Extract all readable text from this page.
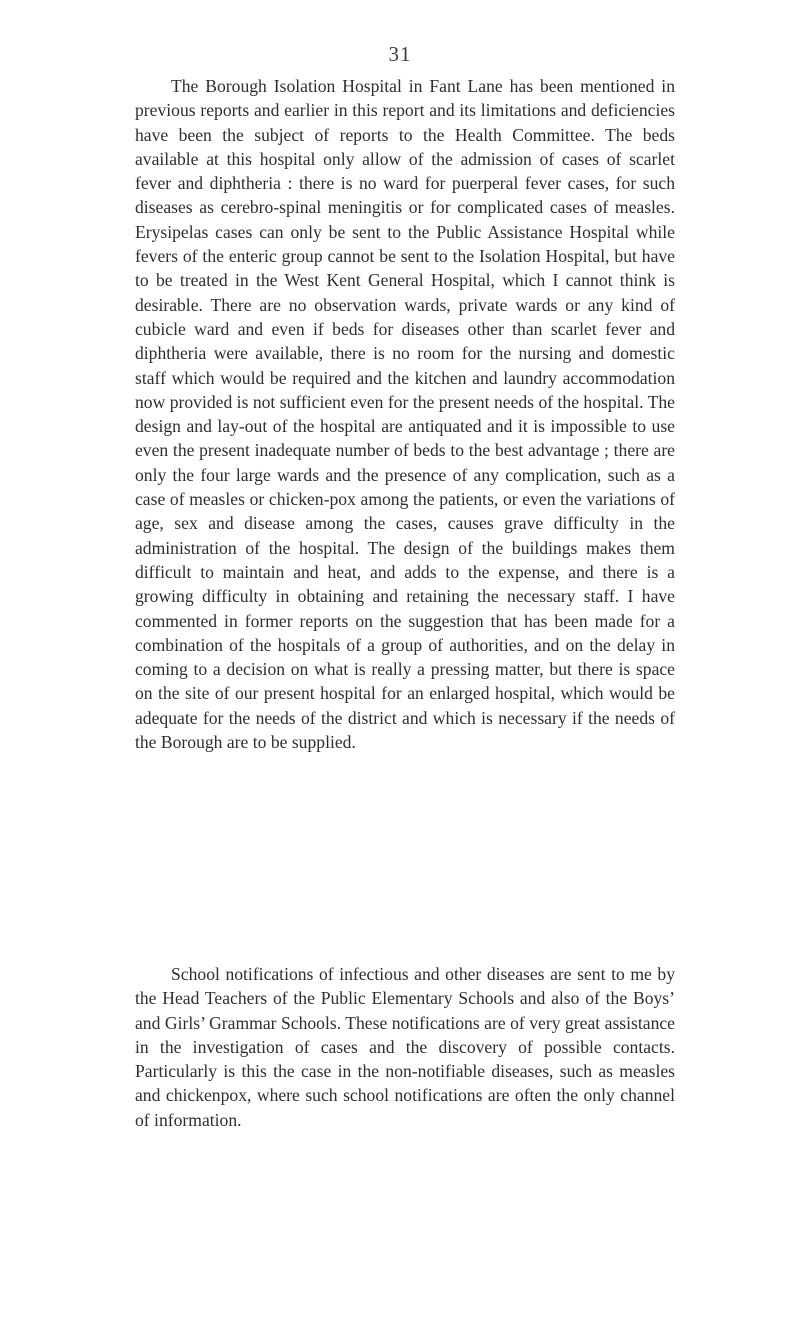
31

The Borough Isolation Hospital in Fant Lane has been mentioned in previous reports and earlier in this report and its limitations and deficiencies have been the subject of reports to the Health Committee. The beds available at this hospital only allow of the admission of cases of scarlet fever and diphtheria : there is no ward for puerperal fever cases, for such diseases as cerebro-spinal meningitis or for complicated cases of measles. Erysipelas cases can only be sent to the Public Assistance Hospital while fevers of the enteric group cannot be sent to the Isolation Hospital, but have to be treated in the West Kent General Hospital, which I cannot think is desirable. There are no observation wards, private wards or any kind of cubicle ward and even if beds for diseases other than scarlet fever and diphtheria were available, there is no room for the nursing and domestic staff which would be required and the kitchen and laundry accommodation now provided is not sufficient even for the present needs of the hospital. The design and lay-out of the hospital are antiquated and it is impossible to use even the present inadequate number of beds to the best advantage ; there are only the four large wards and the presence of any complication, such as a case of measles or chicken-pox among the patients, or even the variations of age, sex and disease among the cases, causes grave difficulty in the administration of the hospital. The design of the buildings makes them difficult to maintain and heat, and adds to the expense, and there is a growing difficulty in obtaining and retaining the necessary staff. I have commented in former reports on the suggestion that has been made for a combination of the hospitals of a group of authorities, and on the delay in coming to a decision on what is really a pressing matter, but there is space on the site of our present hospital for an enlarged hospital, which would be adequate for the needs of the district and which is necessary if the needs of the Borough are to be supplied.

School notifications of infectious and other diseases are sent to me by the Head Teachers of the Public Elementary Schools and also of the Boys’ and Girls’ Grammar Schools. These notifications are of very great assistance in the investigation of cases and the discovery of possible contacts. Particularly is this the case in the non-notifiable diseases, such as measles and chickenpox, where such school notifications are often the only channel of information.
